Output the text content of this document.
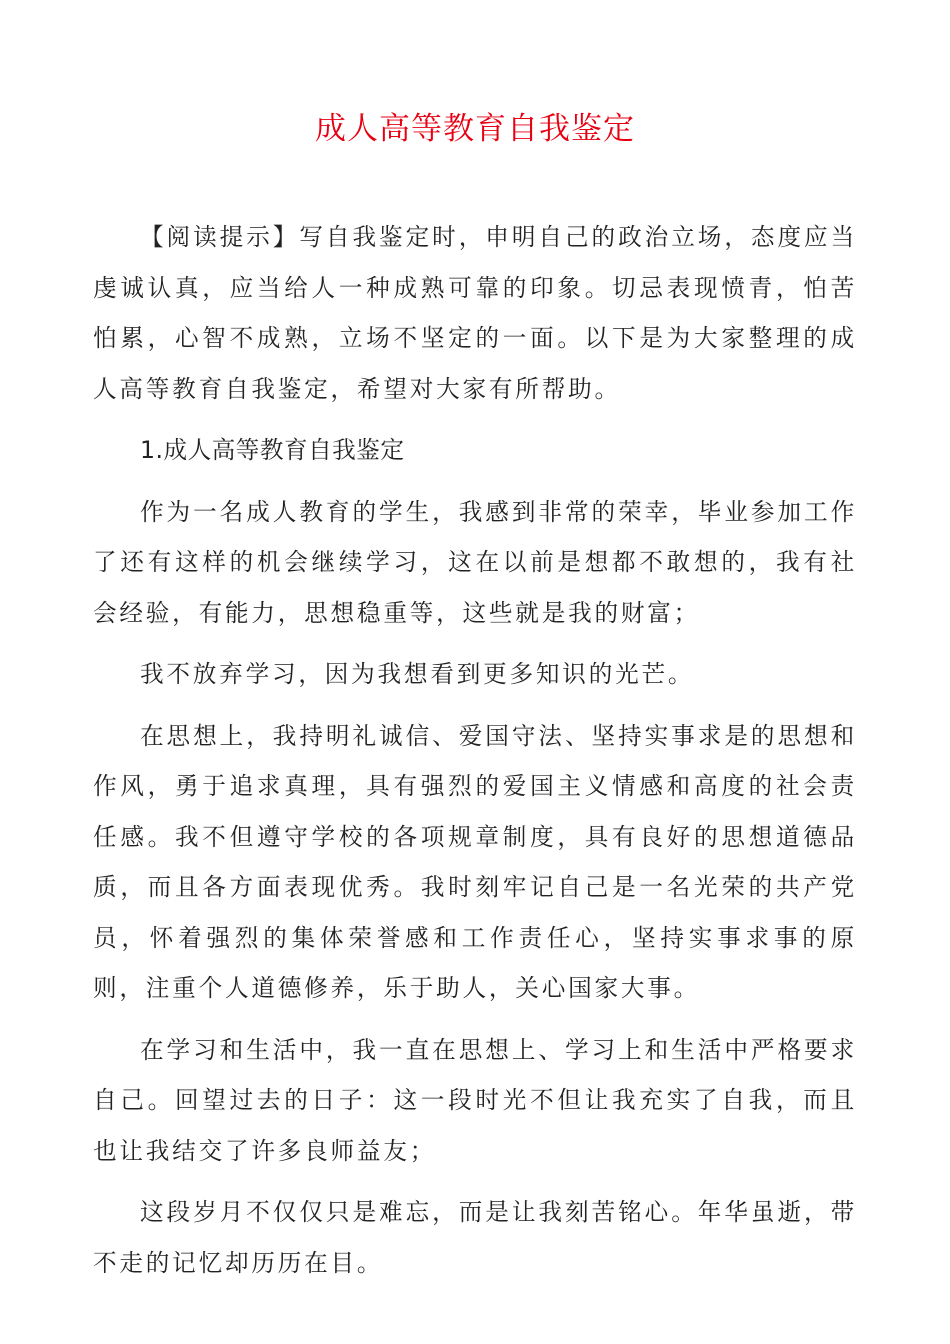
成人高等教育自我鉴定

【阅读提示】写自我鉴定时，申明自己的政治立场，态度应当虔诚认真，应当给人一种成熟可靠的印象。切忌表现愤青，怕苦怕累，心智不成熟，立场不坚定的一面。以下是为大家整理的成人高等教育自我鉴定，希望对大家有所帮助。

1.成人高等教育自我鉴定

作为一名成人教育的学生，我感到非常的荣幸，毕业参加工作了还有这样的机会继续学习，这在以前是想都不敢想的，我有社会经验，有能力，思想稳重等，这些就是我的财富；

我不放弃学习，因为我想看到更多知识的光芒。

在思想上，我持明礼诚信、爱国守法、坚持实事求是的思想和作风，勇于追求真理，具有强烈的爱国主义情感和高度的社会责任感。我不但遵守学校的各项规章制度，具有良好的思想道德品质，而且各方面表现优秀。我时刻牢记自己是一名光荣的共产党员，怀着强烈的集体荣誉感和工作责任心，坚持实事求事的原则，注重个人道德修养，乐于助人，关心国家大事。

在学习和生活中，我一直在思想上、学习上和生活中严格要求自己。回望过去的日子：这一段时光不但让我充实了自我，而且也让我结交了许多良师益友；

这段岁月不仅仅只是难忘，而是让我刻苦铭心。年华虽逝，带不走的记忆却历历在目。
